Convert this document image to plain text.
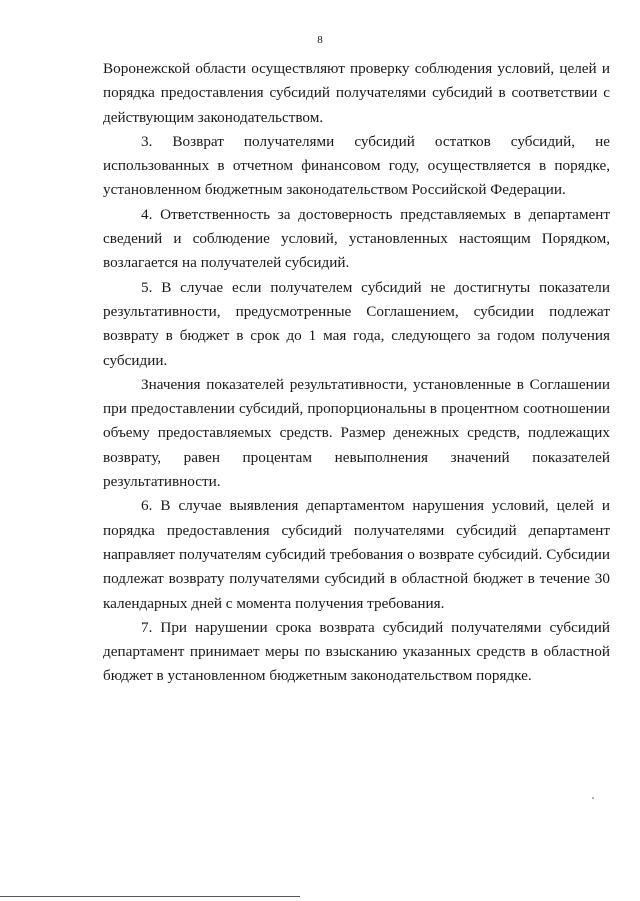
8

Воронежской области осуществляют проверку соблюдения условий, целей и порядка предоставления субсидий получателями субсидий в соответствии с действующим законодательством.

3. Возврат получателями субсидий остатков субсидий, не использованных в отчетном финансовом году, осуществляется в порядке, установленном бюджетным законодательством Российской Федерации.

4. Ответственность за достоверность представляемых в департамент сведений и соблюдение условий, установленных настоящим Порядком, возлагается на получателей субсидий.

5. В случае если получателем субсидий не достигнуты показатели результативности, предусмотренные Соглашением, субсидии подлежат возврату в бюджет в срок до 1 мая года, следующего за годом получения субсидии.

Значения показателей результативности, установленные в Соглашении при предоставлении субсидий, пропорциональны в процентном соотношении объему предоставляемых средств. Размер денежных средств, подлежащих возврату, равен процентам невыполнения значений показателей результативности.

6. В случае выявления департаментом нарушения условий, целей и порядка предоставления субсидий получателями субсидий департамент направляет получателям субсидий требования о возврате субсидий. Субсидии подлежат возврату получателями субсидий в областной бюджет в течение 30 календарных дней с момента получения требования.

7. При нарушении срока возврата субсидий получателями субсидий департамент принимает меры по взысканию указанных средств в областной бюджет в установленном бюджетным законодательством порядке.
